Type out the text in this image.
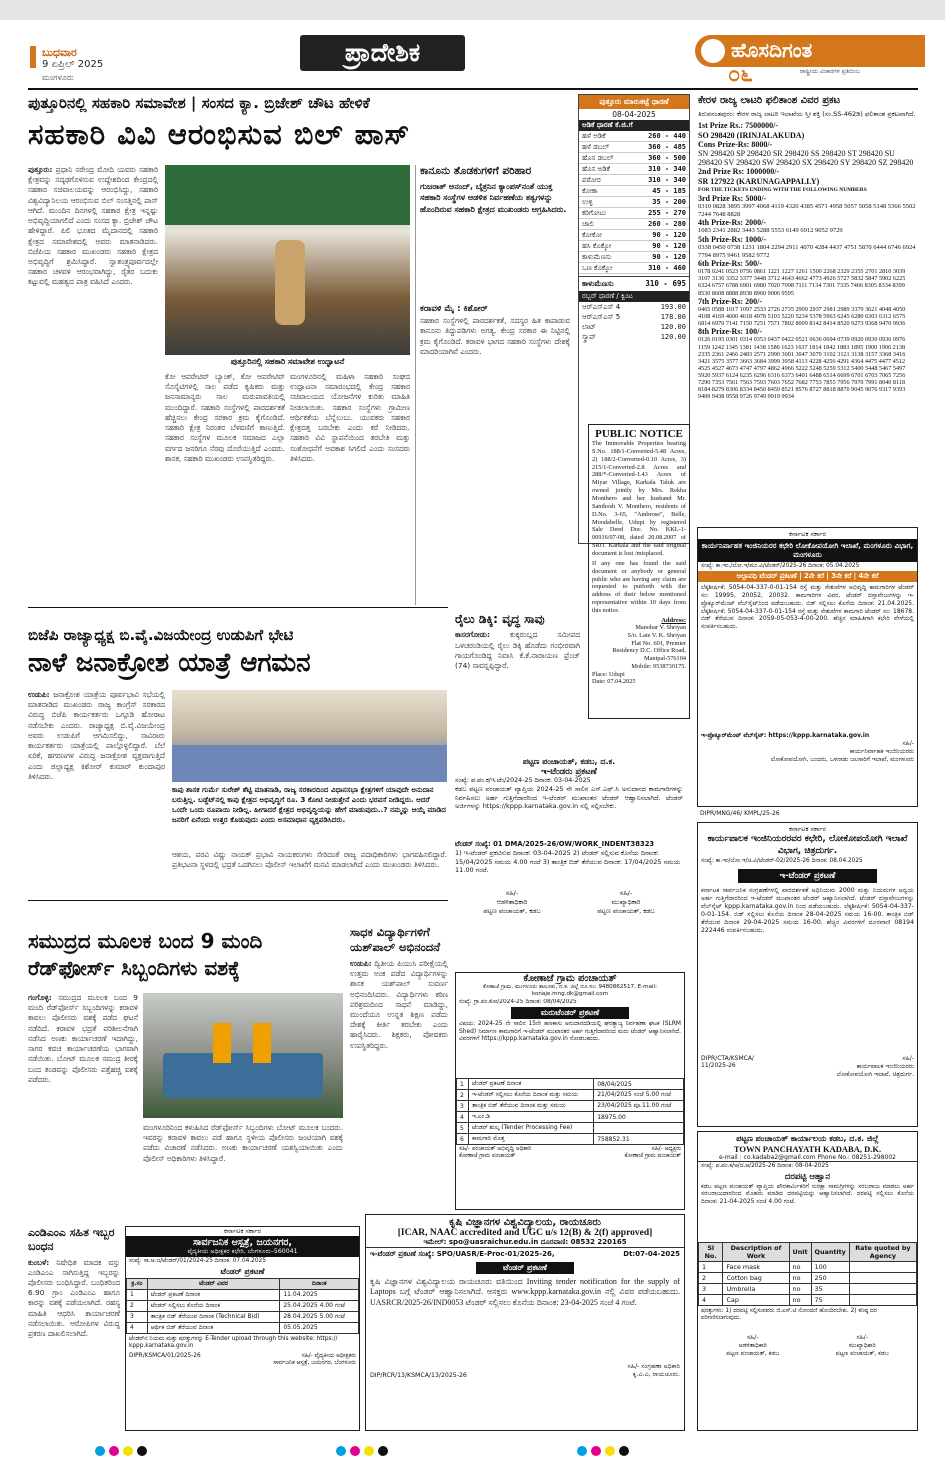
ಬುಧವಾರ
9 ಏಪ್ರಿಲ್ 2025
ಮಂಗಳೂರು
ಪ್ರಾದೇಶಿಕ	ಹೊಸದಿಗಂತ
ರಾಷ್ಟ್ರೀಯ ವಿಚಾರಗಳ ಪ್ರತಿಬಿಂಬ
೦೬
ಪುತ್ತೂರಿನಲ್ಲಿ ಸಹಕಾರಿ ಸಮಾವೇಶ | ಸಂಸದ ಕ್ಯಾ. ಬ್ರಿಜೇಶ್ ಚೌಟ ಹೇಳಿಕೆ
ಸಹಕಾರಿ ವಿವಿ ಆರಂಭಿಸುವ ಬಿಲ್ ಪಾಸ್
ಪುತ್ತೂರು: ಪ್ರಧಾನಿ ನರೇಂದ್ರ ಮೋದಿ ಯವರು ಸಹಕಾರಿ ಕ್ಷೇತ್ರವನ್ನು ಸದೃಢಗೊಳಿಸುವ ಉದ್ದೇಶದಿಂದ ಕೇಂದ್ರದಲ್ಲಿ ಸಹಕಾರ ಸಚಿವಾಲಯವನ್ನು ಆರಂಭಿಸಿದ್ದು, ಸಹಕಾರಿ ವಿಶ್ವವಿದ್ಯಾನಿಲಯ ಆರಂಭಿಸುವ ಬಿಲ್ ಸಂಸತ್ತಿನಲ್ಲಿ ಪಾಸ್ ಆಗಿದೆ. ಮುಂದಿನ ದಿನಗಳಲ್ಲಿ ಸಹಕಾರ ಕ್ಷೇತ್ರ ಇನ್ನಷ್ಟು ಅಭಿವೃದ್ಧಿಯಾಗಲಿದೆ ಎಂದು ಸಂಸದ ಕ್ಯಾ. ಬ್ರಿಜೇಶ್ ಚೌಟ ಹೇಳಿದ್ದಾರೆ. ಪಿಲಿ ಭೂತದ ಮೈದಾನದಲ್ಲಿ ಸಹಕಾರಿ ಕ್ಷೇತ್ರದ ಸಮಾವೇಶದಲ್ಲಿ ಅವರು ಮಾತನಾಡಿದರು. ಬಿಜೆಪಿಯ ಸಹಕಾರ ಮುಖಂಡರು ಸಹಕಾರಿ ಕ್ಷೇತ್ರದ ಅಭಿವೃದ್ಧಿಗೆ ಶ್ರಮಿಸಿದ್ದಾರೆ. ಸ್ವಾತಂತ್ರ್ಯಪೂರ್ವದಲ್ಲೇ ಸಹಕಾರ ಚಳವಳಿ ಆರಂಭವಾಗಿದ್ದು, ರೈತರ ಬದುಕು ಕಟ್ಟುವಲ್ಲಿ ಮಹತ್ವದ ಪಾತ್ರ ವಹಿಸಿದೆ ಎಂದರು.
ಪುತ್ತೂರಿನಲ್ಲಿ ಸಹಕಾರಿ ಸಮಾವೇಶ ಉದ್ಘಾಟನೆ
ಕೋ ಆಪರೇಟಿವ್ ಬ್ಯಾಂಕ್, ಕೋ ಆಪರೇಟಿವ್ ಸೊಸೈಟಿಗಳಲ್ಲಿ ಸಾಲ ಪಡೆದ ಕೃಷಿಕರು ಮತ್ತು ಜನಸಾಮಾನ್ಯರು ಸಾಲ ಮರುಪಾವತಿಯಲ್ಲಿ ಮುಂದಿದ್ದಾರೆ. ಸಹಕಾರಿ ಸಂಸ್ಥೆಗಳಲ್ಲಿ ಪಾರದರ್ಶಕತೆ ಹೆಚ್ಚಿಸಲು ಕೇಂದ್ರ ಸರಕಾರ ಕ್ರಮ ಕೈಗೊಂಡಿದೆ. ಸಹಕಾರಿ ಕ್ಷೇತ್ರ ನಿರಂತರ ಬೆಳವಣಿಗೆ ಕಾಣುತ್ತಿದೆ. ಸಹಕಾರ ಸಂಸ್ಥೆಗಳ ಮೂಲಕ ಸಮಾಜದ ಎಲ್ಲಾ ವರ್ಗದ ಜನರಿಗೂ ನೆರವು ದೊರೆಯುತ್ತಿದೆ ಎಂದರು. ಶಾಸಕ, ಸಹಕಾರಿ ಮುಖಂಡರು ಉಪಸ್ಥಿತರಿದ್ದರು.
ಮಂಗಳೂರಿನಲ್ಲಿ ಮಹಿಳಾ ಸಹಕಾರಿ ಸಂಘದ ಉದ್ಘಾಟನಾ ಸಮಾರಂಭದಲ್ಲಿ ಕೇಂದ್ರ ಸಹಕಾರ ಸಚಿವಾಲಯದ ಯೋಜನೆಗಳ ಕುರಿತು ಮಾಹಿತಿ ನೀಡಲಾಯಿತು. ಸಹಕಾರ ಸಂಸ್ಥೆಗಳು ಗ್ರಾಮೀಣ ಆರ್ಥಿಕತೆಯ ಬೆನ್ನೆಲುಬು. ಯುವಕರು ಸಹಕಾರ ಕ್ಷೇತ್ರದತ್ತ ಬರಬೇಕು ಎಂದು ಕರೆ ನೀಡಿದರು. ಸಹಕಾರಿ ವಿವಿ ಸ್ಥಾಪನೆಯಿಂದ ತರಬೇತಿ ಮತ್ತು ಸಂಶೋಧನೆಗೆ ಅವಕಾಶ ಸಿಗಲಿದೆ ಎಂದು ಸಂಸದರು ತಿಳಿಸಿದರು.
ಕಾನೂನು ತೊಡಕುಗಳಿಗೆ ಪರಿಹಾರ
ಗುಜರಾತ್ ಆನಂದ್, ಬೈತ್ರನಿನ ಕ್ಯಾಂಪಸ್‌ನಂತೆ ಯುಕ್ತ ಸಹಕಾರಿ ಸಂಸ್ಥೆಗಳ ಆಡಳಿತ ನಿರ್ವಹಣೆಯ ತತ್ವಗಳನ್ನು ಹೊಂದಿರುವ ಸಹಕಾರಿ ಕ್ಷೇತ್ರದ ಮುಖಂಡರು ಆಗ್ರಹಿಸಿದರು.
ಕರಾವಳಿ ಮೈ : ಕಿಶೋರ್
ಸಹಕಾರ ಸಂಸ್ಥೆಗಳಲ್ಲಿ ಪಾರದರ್ಶಕತೆ, ಸದಸ್ಯರ ಹಿತ ಕಾಪಾಡುವ ಕಾನೂನು ತಿದ್ದುಪಡಿಗಳು ಅಗತ್ಯ. ಕೇಂದ್ರ ಸರಕಾರ ಈ ನಿಟ್ಟಿನಲ್ಲಿ ಕ್ರಮ ಕೈಗೊಂಡಿದೆ. ಕರಾವಳಿ ಭಾಗದ ಸಹಕಾರಿ ಸಂಸ್ಥೆಗಳು ದೇಶಕ್ಕೆ ಮಾದರಿಯಾಗಿವೆ ಎಂದರು.
ಪುತ್ತೂರು ಮಾರುಕಟ್ಟೆ ಧಾರಣೆ
08-04-2025
ಅಡಿಕೆ ಧಾರಣೆ ಕೆ.ಜಿ.ಗೆ
ಹಳೆ ಅಡಿಕೆ	260 - 440
ಹಳೆ ಡಬಲ್	360 - 485
ಹೊಸ ಡಬಲ್	360 - 500
ಹೊಸ ಅಡಿಕೆ	310 - 340
ಪಠೋರ	310 - 340
ಕೋಕಾ	45 - 185
ಉಳ್ಳಿ	35 - 200
ಕರಿಗೋಟು	255 - 270
ಚಾಲಿ	260 - 280
ಕೋಕೋ	90 - 120
ಹಸಿ ಕೊಕ್ಕೋ	90 - 120
ಕಾಳುಮೆಣಸು	90 - 120
ಒಣ ಕೊಕ್ಕೋ	310 - 460
ಕಾಳುಮೆಣಸು	310 - 695
ರಬ್ಬರ್ ಧಾರಣೆ / ಕ್ವಿಂಟ
ಆರ್‌ಎಸ್‌ಎಸ್ 4	193.00
ಆರ್‌ಎಸ್‌ಎಸ್ 5	178.00
ಲಾಟ್	120.00
ಸ್ಕ್ರಾಪ್	120.00
ಕೇರಳ ರಾಜ್ಯ ಲಾಟರಿ ಫಲಿತಾಂಶ ವಿವರ ಪ್ರಕಟ
ತಿರುವನಂತಪುರಂ: ಕೇರಳ ರಾಜ್ಯ ಲಾಟರಿ ಇಲಾಖೆಯ ಸ್ತ್ರೀ ಶಕ್ತಿ (ಸಂ.SS-462ಡಿ) ಫಲಿತಾಂಶ ಪ್ರಕಟವಾಗಿದೆ.
1st Prize Rs.: 7500000/-
SO 298420 (IRINJALAKUDA)
Cons Prize-Rs: 8000/-
SN 298420 SP 298420 SR 298420 SS 298420 ST 298420 SU 298420 SV 298420 SW 298420 SX 298420 SY 298420 SZ 298420
2nd Prize Rs: 1000000/-
SR 127922 (KARUNAGAPPALLY)
FOR THE TICKETS ENDING WITH THE FOLLOWING NUMBERS
3rd Prize Rs: 5000/-
0310 0828 3895 3997 4068 4119 4320 4385 4571 4958 5057 5058 5148 5366 5502 7244 7648 8828
4th Prize-Rs: 2000/-
1083 2341 2882 3443 5288 5553 6149 6912 9052 9729
5th Prize-Rs: 1000/-
0338 0450 0738 1231 1804 2294 2911 4070 4284 4437 4751 5870 6444 6746 6924 7794 8975 9461 9582 9772
6th Prize-Rs: 500/-
0178 0241 0523 0756 0861 1221 1227 1261 1500 2268 2329 2355 2701 2810 3039 3107 3136 3352 3377 3448 3712 4643 4662 4773 4926 5727 5832 5847 5902 6225 6324 6757 6788 6901 6980 7020 7098 7111 7134 7301 7335 7466 8305 8334 8399 8530 8608 8888 8938 8960 9006 9595
7th Prize-Rs: 200/-
0465 0588 1017 1097 2533 2726 2735 2909 2937 2981 2989 3379 3621 4048 4050 4108 4169 4600 4618 4978 5103 5220 5234 5378 5963 6245 6280 6303 6312 6575 6814 6970 7141 7150 7251 7571 7802 8009 8142 8414 8520 9273 9368 9470 9936
8th Prize-Rs: 100/-
0126 0195 0301 0314 0353 0437 0422 0521 0636 0694 0739 0920 0930 0936 0976 1159 1242 1345 1381 1438 1580 1623 1637 1814 1842 1883 1895 1900 1906 2138 2335 2361 2466 2483 2571 2990 3001 3047 3079 3102 3121 3138 3157 3368 3416 3421 3575 3577 3663 3684 3999 3958 4113 4228 4256 4291 4364 4475 4477 4512 4525 4527 4673 4747 4797 4862 4966 5222 5248 5259 5312 5400 5448 5467 5497 5920 5937 6124 6235 6296 6316 6373 6401 6488 6514 6699 6701 6703 7065 7256 7290 7353 7561 7563 7593 7603 7652 7682 7753 7855 7956 7970 7991 8040 8118 8184 8279 8306 8334 8450 8459 8521 8576 8727 8818 8870 9045 9076 9317 9393 9409 9438 9558 9726 9749 9919 9934
PUBLIC NOTICE
The Immovable Properties bearing S.No. 188/1-Converted-5.48 Acres, 2) 188/2-Converted-0.10 Acres, 3) 215/1-Converted-2.8 Acres and 288/*-Converted-1.43 Acres of Miyar Village, Karkala Taluk are owned jointly by Mrs. Rekha Monthero and her husband Mr. Santhosh V. Monthero, residents of D.No. 3-65, "Ambrose", Belle, Moodabelle, Udupi by registered Sale Deed Doc. No. KKL-1-00916/07-08, dated 20.08.2007 of SRO. Karkala and the said original document is lost /misplaced.
If any one has found the said document or anybody or general public who are having any claim are requested to putforth with the address of their below mentioned representative within 10 days from this notice.
Address:
Manohar V. Shriyan
S/o. Late V. K. Shriyan
Flat No. 601, Premier
Residency D.C. Office Road,
Manipal-576104
Mobile: 9538730175.
Place: Udupi
Date: 07.04.2025
ರೈಲು ಡಿಕ್ಕಿ: ವೃದ್ಧ ಸಾವು
ಕಾಸರಗೋಡು:	ಕುಕ್ಕರಂಬ್ಲದ ಸಮೀಪದ ಒಳಚರಂಡಿಯಲ್ಲಿ ರೈಲು ಡಿಕ್ಕಿ ಹೊಡೆದು ಗಂಭೀರವಾಗಿ ಗಾಯಗೊಂಡಿದ್ದ ನಿವಾಸಿ ಕೆ.ಕೆ.ನಾರಾಯಣ ಫ್ರೆಂಚ್ (74) ಸಾವನ್ನಪ್ಪಿದ್ದಾರೆ.
ಬಿಜೆಪಿ ರಾಜ್ಯಾಧ್ಯಕ್ಷ ಬಿ.ವೈ.ವಿಜಯೇಂದ್ರ ಉಡುಪಿಗೆ ಭೇಟಿ
ನಾಳೆ ಜನಾಕ್ರೋಶ ಯಾತ್ರೆ ಆಗಮನ
ಉಡುಪಿ: ಜನಾಕ್ರೋಶ ಯಾತ್ರೆಯ ಪೂರ್ವಭಾವಿ ಸಭೆಯಲ್ಲಿ ಮಾತನಾಡಿದ ಮುಖಂಡರು ರಾಜ್ಯ ಕಾಂಗ್ರೆಸ್ ಸರಕಾರದ ವಿರುದ್ಧ ಬಿಜೆಪಿ ಕಾರ್ಯಕರ್ತರು ಒಗ್ಗೂಡಿ ಹೋರಾಟ ನಡೆಸಬೇಕು ಎಂದರು. ರಾಜ್ಯಾಧ್ಯಕ್ಷ ಬಿ.ವೈ.ವಿಜಯೇಂದ್ರ ಅವರು ಉಡುಪಿಗೆ ಆಗಮಿಸಲಿದ್ದು, ಸಾವಿರಾರು ಕಾರ್ಯಕರ್ತರು ಯಾತ್ರೆಯಲ್ಲಿ ಪಾಲ್ಗೊಳ್ಳಲಿದ್ದಾರೆ. ಬೆಲೆ ಏರಿಕೆ, ಹಗರಣಗಳ ವಿರುದ್ಧ ಜನಾಕ್ರೋಶ ವ್ಯಕ್ತವಾಗುತ್ತಿದೆ ಎಂದು ಜಿಲ್ಲಾಧ್ಯಕ್ಷ ಕಿಶೋರ್ ಕುಮಾರ್ ಕುಂದಾಪುರ ತಿಳಿಸಿದರು.
ಕಾಪು ಶಾಸಕ ಗುರ್ಮೆ ಸುರೇಶ್ ಶೆಟ್ಟಿ ಮಾತನಾಡಿ, ರಾಜ್ಯ ಸರಕಾರದಿಂದ ವಿಧಾನಸಭಾ ಕ್ಷೇತ್ರಗಳಿಗೆ ಯಾವುದೇ ಅನುದಾನ ಬರುತ್ತಿಲ್ಲ. ಬಡ್ಜೆಟ್‌ನಲ್ಲಿ ಕಾಪು ಕ್ಷೇತ್ರದ ಅಭಿವೃದ್ಧಿಗೆ ರೂ. 3 ಕೋಟಿ ನೀಡುತ್ತೇನೆ ಎಂದು ಭರವಸೆ ನೀಡಿದ್ದರು. ಆದರೆ ಒಂದೇ ಒಂದು ರೂಪಾಯಿ ನೀಡಿಲ್ಲ. ಹೀಗಾದರೆ ಕ್ಷೇತ್ರದ ಅಭಿವೃದ್ಧಿಯನ್ನು ಹೇಗೆ ಮಾಡುವುದು..? ನಮ್ಮನ್ನು ಆಯ್ಕೆ ಮಾಡಿದ ಜನರಿಗೆ ಏನೆಂದು ಉತ್ತರ ಕೊಡುವುದು ಎಂದು ಅಸಮಾಧಾನ ವ್ಯಕ್ತಪಡಿಸಿದರು.
ಆಶಯ, ಪರವಿ ವಿಷ್ಣು ನಾಯಕ್ ಪ್ರಭಾವಿ ನಾಯಕರುಗಳು ಸೇರಿದಂತೆ ರಾಜ್ಯ ಪದಾಧಿಕಾರಿಗಳು ಭಾಗವಹಿಸಲಿದ್ದಾರೆ. ಪ್ರತಿಭಟನಾ ಸ್ಥಳದಲ್ಲಿ ಭದ್ರತೆ ಒದಗಿಸಲು ಪೊಲೀಸ್ ಇಲಾಖೆಗೆ ಮನವಿ ಮಾಡಲಾಗಿದೆ ಎಂದು ಮುಖಂಡರು ತಿಳಿಸಿದರು.
ಪಟ್ಟಣ ಪಂಚಾಯತ್, ಕಡಬ, ದ.ಕ.
ಇ-ಟೆಂಡರು ಪ್ರಕಟಣೆ
ಸಂಖ್ಯೆ: ಪ.ಪಂ.ಕ/ಇ.ಟೆಂ/2024-25 ದಿನಾಂಕ: 03-04-2025
ಕಡಬ ಪಟ್ಟಣ ಪಂಚಾಯತ್ ವ್ಯಾಪ್ತಿಯ 2024-25 ನೇ ಸಾಲಿನ ಎಸ್.ಎಫ್.ಸಿ ಅನುದಾನದ ಕಾಮಗಾರಿಗಳನ್ನು ನಿರ್ವಹಿಸಲು ಅರ್ಹ ಗುತ್ತಿಗೆದಾರರಿಂದ ಇ-ಟೆಂಡರ್ ಮುಖಾಂತರ ಟೆಂಡರ್ ಆಹ್ವಾನಿಸಲಾಗಿದೆ. ಟೆಂಡರ್ ಅರ್ಜಿಗಳನ್ನು https://kppp.karnataka.gov.in ನಲ್ಲಿ ಸಲ್ಲಿಸಬೇಕು.
ಟೆಂಡರ್ ಸಂಖ್ಯೆ: 01 DMA/2025-26/OW/WORK_INDENT38323
1) ಇ-ಟೆಂಡರ್ ಪ್ರಕಟಿಸುವ ದಿನಾಂಕ: 03-04-2025 2) ಟೆಂಡರ್ ಸಲ್ಲಿಸುವ ಕೊನೆಯ ದಿನಾಂಕ: 15/04/2025 ಸಮಯ 4.00 ಗಂಟೆ 3) ತಾಂತ್ರಿಕ ಬಿಡ್ ತೆರೆಯುವ ದಿನಾಂಕ: 17/04/2025 ಸಮಯ 11.00 ಗಂಟೆ.
ಸಹಿ/-
ಆಡಳಿತಾಧಿಕಾರಿ
ಪಟ್ಟಣ ಪಂಚಾಯತ್, ಕಡಬ
ಸಹಿ/-
ಮುಖ್ಯಾಧಿಕಾರಿ
ಪಟ್ಟಣ ಪಂಚಾಯತ್, ಕಡಬ
ಕರ್ನಾಟಕ ಸರ್ಕಾರ
ಕಾರ್ಯನಿರ್ವಾಹಕ ಇಂಜಿನಿಯರರ ಕಛೇರಿ ಲೋಕೋಪಯೋಗಿ ಇಲಾಖೆ, ಮಂಗಳೂರು ವಿಭಾಗ, ಮಂಗಳೂರು
ಸಂಖ್ಯೆ: ಕಾ.ಇಂ./ಲೋ.ಇ/ಮಂ.ವಿ/ಟೆಂಡರ್/2025-26 ದಿನಾಂಕ: 05.04.2025
ಅಲ್ಪಾವಧಿ ಟೆಂಡರ್ ಪ್ರಕಟಣೆ | 2ನೇ ಕರೆ | 3ನೇ ಕರೆ | 4ನೇ ಕರೆ
ಲೆಕ್ಕಶೀರ್ಷಿಕೆ: 5054-04-337-0-01-154 ರಸ್ತೆ ಮತ್ತು ಸೇತುವೆಗಳ ಅಭಿವೃದ್ಧಿ ಕಾಮಗಾರಿಗಳ ಟೆಂಡರ್ ಸಂ: 19995, 20052, 20032. ಕಾಮಗಾರಿಗಳ ವಿವರ, ಟೆಂಡರ್ ದಸ್ತಾವೇಜುಗಳನ್ನು ಇ-ಪ್ರೊಕ್ಯೂರ್‌ಮೆಂಟ್ ವೆಬ್‌ಸೈಟ್‌ನಿಂದ ಪಡೆಯಬಹುದು. ಬಿಡ್ ಸಲ್ಲಿಸಲು ಕೊನೆಯ ದಿನಾಂಕ: 21.04.2025. ಲೆಕ್ಕಶೀರ್ಷಿಕೆ: 5054-04-337-0-01-154 ರಸ್ತೆ ಮತ್ತು ಸೇತುವೆಗಳ ಕಾಮಗಾರಿ ಟೆಂಡರ್ ಸಂ: 18678. ಬಿಡ್ ತೆರೆಯುವ ದಿನಾಂಕ: 2059-05-053-4-00-200. ಹೆಚ್ಚಿನ ಮಾಹಿತಿಗಾಗಿ ಕಛೇರಿ ವೇಳೆಯಲ್ಲಿ ಸಂಪರ್ಕಿಸಬಹುದು.
ಇ-ಪ್ರೊಕ್ಯೂರ್‌ಮೆಂಟ್ ವೆಬ್‌ಸೈಟ್: https://kppp.karnataka.gov.in
ಸಹಿ/-
ಕಾರ್ಯನಿರ್ವಾಹಕ ಇಂಜಿನಿಯರರು
ಲೋಕೋಪಯೋಗಿ, ಬಂದರು, ಒಳನಾಡು ಜಲಸಾರಿಗೆ ಇಲಾಖೆ, ಮಂಗಳೂರು
DIPR/MNG/46/ KMPL/25-26
ಕರ್ನಾಟಕ ಸರ್ಕಾರ
ಕಾರ್ಯಪಾಲಕ ಇಂಜಿನಿಯರರವರ ಕಛೇರಿ, ಲೋಕೋಪಯೋಗಿ ಇಲಾಖೆ ವಿಭಾಗ, ಚಿತ್ರದುರ್ಗ.
ಸಂಖ್ಯೆ: ಕಾ.ಇಂ/ಲೋ.ಇ/ಚಿ.ವಿ/ಟೆಂಡರ್-02/2025-26 ದಿನಾಂಕ: 08.04.2025
ಇ-ಟೆಂಡರ್ ಪ್ರಕಟಣೆ
ಕರ್ನಾಟಕ ಸಾರ್ವಜನಿಕ ಸಂಗ್ರಹಣೆಗಳಲ್ಲಿ ಪಾರದರ್ಶಕತೆ ಅಧಿನಿಯಮ 2000 ಮತ್ತು ನಿಯಮಗಳ ಅನ್ವಯ ಅರ್ಹ ಗುತ್ತಿಗೆದಾರರಿಂದ ಇ-ಟೆಂಡರ್ ಮುಖಾಂತರ ಟೆಂಡರ್ ಆಹ್ವಾನಿಸಲಾಗಿದೆ. ಟೆಂಡರ್ ದಸ್ತಾವೇಜುಗಳನ್ನು ವೆಬ್‌ಸೈಟ್ kppp.karnataka.gov.in ನಿಂದ ಪಡೆಯಬಹುದು. ಲೆಕ್ಕಶೀರ್ಷಿಕೆ: 5054-04-337-0-01-154. ಬಿಡ್ ಸಲ್ಲಿಸಲು ಕೊನೆಯ ದಿನಾಂಕ 28-04-2025 ಸಮಯ 16-00. ತಾಂತ್ರಿಕ ಬಿಡ್ ತೆರೆಯುವ ದಿನಾಂಕ 29-04-2025 ಸಮಯ 16-00. ಹೆಚ್ಚಿನ ವಿವರಗಳಿಗೆ ದೂರವಾಣಿ 08194 222446 ಸಂಪರ್ಕಿಸಬಹುದು.
DIPR/CTA/KSMCA/ 11/2025-26
ಸಹಿ/-
ಕಾರ್ಯಪಾಲಕ ಇಂಜಿನಿಯರರು
ಲೋಕೋಪಯೋಗಿ ಇಲಾಖೆ, ಚಿತ್ರದುರ್ಗ.
ಸಮುದ್ರದ ಮೂಲಕ ಬಂದ 9 ಮಂದಿ ರೆಡ್‌ಫೋರ್ಸ್ ಸಿಬ್ಬಂದಿಗಳು ವಶಕ್ಕೆ
ಗಂಗೊಳ್ಳಿ: ಸಮುದ್ರದ ಮೂಲಕ ಬಂದ 9 ಮಂದಿ ರೆಡ್‌ಫೋರ್ಸ್ ಸಿಬ್ಬಂದಿಗಳನ್ನು ಕರಾವಳಿ ಕಾವಲು ಪೊಲೀಸರು ವಶಕ್ಕೆ ಪಡೆದ ಘಟನೆ ನಡೆದಿದೆ. ಕರಾವಳಿ ಭದ್ರತೆ ಪರಿಶೀಲನೆಗಾಗಿ ನಡೆಸಿದ ಅಣಕು ಕಾರ್ಯಾಚರಣೆ ಇದಾಗಿದ್ದು, ಸಾಗರ ಕವಚ ಕಾರ್ಯಾಚರಣೆಯ ಭಾಗವಾಗಿ ನಡೆಯಿತು. ಬೋಟ್ ಮೂಲಕ ಸಮುದ್ರ ತೀರಕ್ಕೆ ಬಂದ ತಂಡವನ್ನು ಪೊಲೀಸರು ಪತ್ತೆಹಚ್ಚಿ ವಶಕ್ಕೆ ಪಡೆದರು.
ಮಂಗಳೂರಿನಿಂದ ಕಳುಹಿಸಿದ ರೆಡ್‌ಫೋರ್ಸ್ ಸಿಬ್ಬಂದಿಗಳು ಬೋಟ್ ಮೂಲಕ ಬಂದರು. ಇವರನ್ನು ಕರಾವಳಿ ಕಾವಲು ಪಡೆ ಹಾಗೂ ಸ್ಥಳೀಯ ಪೊಲೀಸರು ಜಂಟಿಯಾಗಿ ವಶಕ್ಕೆ ಪಡೆದು ವಿಚಾರಣೆ ನಡೆಸಿದರು. ಅಣಕು ಕಾರ್ಯಾಚರಣೆ ಯಶಸ್ವಿಯಾಯಿತು ಎಂದು ಪೊಲೀಸ್ ಅಧಿಕಾರಿಗಳು ತಿಳಿಸಿದ್ದಾರೆ.
ಸಾಧಕ ವಿದ್ಯಾರ್ಥಿಗಳಿಗೆ ಯಶ್‌ಪಾಲ್ ಅಭಿನಂದನೆ
ಉಡುಪಿ: ದ್ವಿತೀಯ ಪಿಯುಸಿ ಪರೀಕ್ಷೆಯಲ್ಲಿ ಉತ್ತಮ ಅಂಕ ಪಡೆದ ವಿದ್ಯಾರ್ಥಿಗಳನ್ನು ಶಾಸಕ ಯಶ್‌ಪಾಲ್ ಸುವರ್ಣ ಅಭಿನಂದಿಸಿದರು. ವಿದ್ಯಾರ್ಥಿಗಳು ಕಠಿಣ ಪರಿಶ್ರಮದಿಂದ ಸಾಧನೆ ಮಾಡಿದ್ದು, ಮುಂದೆಯೂ ಉನ್ನತ ಶಿಕ್ಷಣ ಪಡೆದು ದೇಶಕ್ಕೆ ಕೀರ್ತಿ ತರಬೇಕು ಎಂದು ಹಾರೈಸಿದರು. ಶಿಕ್ಷಕರು, ಪೋಷಕರು ಉಪಸ್ಥಿತರಿದ್ದರು.
ಎಂಡಿಎಂಎ ಸಹಿತ ಇಬ್ಬರ ಬಂಧನ
ಕುಂಬಳೆ: ನಿಷೇಧಿತ ಮಾದಕ ವಸ್ತು ಎಂಡಿಎಂಎ ಸಾಗಿಸುತ್ತಿದ್ದ ಇಬ್ಬರನ್ನು ಪೊಲೀಸರು ಬಂಧಿಸಿದ್ದಾರೆ. ಬಂಧಿತರಿಂದ 6.90 ಗ್ರಾಂ ಎಂಡಿಎಂಎ ಹಾಗೂ ಕಾರನ್ನು ವಶಕ್ಕೆ ಪಡೆಯಲಾಗಿದೆ. ರಹಸ್ಯ ಮಾಹಿತಿ ಆಧರಿಸಿ ಕಾರ್ಯಾಚರಣೆ ನಡೆಸಲಾಯಿತು. ಆರೋಪಿಗಳ ವಿರುದ್ಧ ಪ್ರಕರಣ ದಾಖಲಿಸಲಾಗಿದೆ.
ಕರ್ನಾಟಕ ಸರ್ಕಾರ
ಸಾರ್ವಜನಿಕ ಆಸ್ಪತ್ರೆ, ಜಯನಗರ,
ವೈದ್ಯಕೀಯ ಅಧೀಕ್ಷಕರ ಕಛೇರಿ, ಬೆಂಗಳೂರು–560041
ಸಂಖ್ಯೆ: ಸಾ.ಆ.ಜ/ಟೆಂಡರ್/01/2024-25 ದಿನಾಂಕ: 07.04.2025
ಟೆಂಡರ್ ಪ್ರಕಟಣೆ
ಕ್ರ.ಸಂ	ಟೆಂಡರ್ ವಿವರ	ದಿನಾಂಕ
1	ಟೆಂಡರ್ ಪ್ರಕಟಣೆ ದಿನಾಂಕ	11.04.2025
2	ಟೆಂಡರ್ ಸಲ್ಲಿಸಲು ಕೊನೆಯ ದಿನಾಂಕ	25.04.2025 4.00 ಗಂಟೆ
3	ತಾಂತ್ರಿಕ ಬಿಡ್ ತೆರೆಯುವ ದಿನಾಂಕ (Technical Bid)	28.04.2025 5.00 ಗಂಟೆ
4	ಆರ್ಥಿಕ ಬಿಡ್ ತೆರೆಯುವ ದಿನಾಂಕ	05.05.2025
ಟೆಂಡರ್‌ನ ನಿಯಮ ಮತ್ತು ಷರತ್ತುಗಳನ್ನು E-Tender upload through this website: https:// kppp.karnataka.gov.in
DIPR/KSMCA/01/2025-26	ಸಹಿ/- ವೈದ್ಯಕೀಯ ಅಧೀಕ್ಷಕರು
ಸಾರ್ವಜನಿಕ ಆಸ್ಪತ್ರೆ, ಜಯನಗರ, ಬೆಂಗಳೂರು
ಕೋಣಾಜೆ ಗ್ರಾಮ ಪಂಚಾಯತ್
ಕೊಣಾಜೆ ಗ್ರಾಮ, ಮಂಗಳೂರು ತಾಲೂಕು, ದ.ಕ. ಜಿಲ್ಲೆ ದೂ.ಸಂ: 9480862517, E-mail: konaje.mng.dk@gmail.com
ಸಂಖ್ಯೆ: ಗ್ರಾ.ಪಂ.ಕೋ/2024-25 ದಿನಾಂಕ: 08/04/2025
ಮರುಟೆಂಡರ್ ಪ್ರಕಟಣೆ
ವಿಷಯ: 2024-25 ನೇ ಸಾಲಿನ 15ನೇ ಹಣಕಾಸು ಅನುದಾನದಡಿಯಲ್ಲಿ ಘನತ್ಯಾಜ್ಯ ನಿರ್ವಹಣಾ ಘಟಕ (SLRM Shed) ನಿರ್ಮಾಣ ಕಾಮಗಾರಿಗೆ ಇ-ಟೆಂಡರ್ ಮುಖಾಂತರ ಅರ್ಹ ಗುತ್ತಿಗೆದಾರರಿಂದ ಮರು ಟೆಂಡರ್ ಆಹ್ವಾನಿಸಲಾಗಿದೆ. ವಿವರಗಳಿಗೆ https://kppp.karnataka.gov.in ನೋಡಬಹುದು.
1	ಟೆಂಡರ್ ಪ್ರಕಟಣೆ ದಿನಾಂಕ	08/04/2025
2	ಇ-ಟೆಂಡರ್ ಸಲ್ಲಿಸಲು ಕೊನೆಯ ದಿನಾಂಕ ಮತ್ತು ಸಮಯ	21/04/2025 ಸಂಜೆ 5.00 ಗಂಟೆ
3	ತಾಂತ್ರಿಕ ಬಿಡ್ ತೆರೆಯುವ ದಿನಾಂಕ ಮತ್ತು ಸಮಯ	23/04/2025 ಪೂ.11.00 ಗಂಟೆ
4	ಇ.ಎಂ.ಡಿ	18975.00
5	ಟೆಂಡರ್ ಶುಲ್ಕ (Tender Processing Fee)	
6	ಕಾಮಗಾರಿ ಮೊತ್ತ	758852.31
ಸಹಿ/- ಪಂಚಾಯತ್ ಅಭಿವೃದ್ಧಿ ಅಧಿಕಾರಿ
ಕೋಣಾಜೆ ಗ್ರಾಮ ಪಂಚಾಯತ್
ಸಹಿ/- ಅಧ್ಯಕ್ಷರು
ಕೋಣಾಜೆ ಗ್ರಾಮ ಪಂಚಾಯತ್
ಕೃಷಿ ವಿಜ್ಞಾನಗಳ ವಿಶ್ವವಿದ್ಯಾಲಯ, ರಾಯಚೂರು
[ICAR, NAAC accredited and UGC u/s 12(B) & 2(f) approved]
ಇಮೇಲ್: spo@uasraichur.edu.in ದೂರವಾಣಿ: 08532 220165
ಇ-ಟೆಂಡರ್ ಪ್ರಕಟಣೆ ಸಂಖ್ಯೆ: SPO/UASR/E-Proc-01/2025-26,	Dt:07-04-2025
ಟೆಂಡರ್ ಪ್ರಕಟಣೆ
ಕೃಷಿ ವಿಜ್ಞಾನಗಳ ವಿಶ್ವವಿದ್ಯಾಲಯ ರಾಯಚೂರು ವತಿಯಿಂದ Inviting tender notification for the supply of Laptops ಬಗ್ಗೆ ಟೆಂಡರ್ ಆಹ್ವಾನಿಸಲಾಗಿದೆ. ಆಸಕ್ತರು www.kppp.karnataka.gov.in ನಲ್ಲಿ ವಿವರ ಪಡೆಯಬಹುದು. UASRCR/2025-26/IND0053 ಟೆಂಡರ್ ಸಲ್ಲಿಸಲು ಕೊನೆಯ ದಿನಾಂಕ: 23-04-2025 ಸಂಜೆ 4 ಗಂಟೆ.
DIP/RCR/13/KSMCA/13/2025-26
ಸಹಿ/- ಸಂಗ್ರಹಣಾ ಅಧಿಕಾರಿ
ಕೃ.ವಿ.ವಿ, ರಾಯಚೂರು.
ಪಟ್ಟಣ ಪಂಚಾಯತ್ ಕಾರ್ಯಾಲಯ ಕಡಬ, ದ.ಕ. ಜಿಲ್ಲೆ
TOWN PANCHAYATH KADABA, D.K.
e-mail : co.kadaba2@gmail.com Phone No.: 08251-298002
ಸಂಖ್ಯೆ: ಪ.ಪಂ.ಕ/ಆ/ದ.ಆ/2025-26 ದಿನಾಂಕ: 08-04-2025
ದರಪಟ್ಟಿ ಆಹ್ವಾನ
ಕಡಬ ಪಟ್ಟಣ ಪಂಚಾಯತ್ ವ್ಯಾಪ್ತಿಯ ಪೌರಕಾರ್ಮಿಕರಿಗೆ ಸುರಕ್ಷಾ ಸಾಮಗ್ರಿಗಳನ್ನು ಸರಬರಾಜು ಮಾಡಲು ಅರ್ಹ ಸರಬರಾಜುದಾರರಿಂದ ಮೊಹರು ಮಾಡಿದ ದರಪಟ್ಟಿಯನ್ನು ಆಹ್ವಾನಿಸಲಾಗಿದೆ. ದರಪಟ್ಟಿ ಸಲ್ಲಿಸಲು ಕೊನೆಯ ದಿನಾಂಕ: 21-04-2025 ಸಂಜೆ 4.00 ಗಂಟೆ.
Sl No.	Description of Work	Unit	Quantity	Rate quoted by Agency
1	Face mask	no	100	
2	Cotton bag	no	250	
3	Umbrella	no	35	
4	Cap	no	75	
ಷರತ್ತುಗಳು: 1) ದರಪಟ್ಟಿ ಸಲ್ಲಿಸುವವರು ಜಿ.ಎಸ್.ಟಿ ನೋಂದಣಿ ಹೊಂದಿರಬೇಕು. 2) ಕನಿಷ್ಠ ದರ ಪರಿಗಣಿಸಲಾಗುವುದು.
ಸಹಿ/-
ಆಡಳಿತಾಧಿಕಾರಿ
ಪಟ್ಟಣ ಪಂಚಾಯತ್, ಕಡಬ
ಸಹಿ/-
ಮುಖ್ಯಾಧಿಕಾರಿ
ಪಟ್ಟಣ ಪಂಚಾಯತ್, ಕಡಬ
